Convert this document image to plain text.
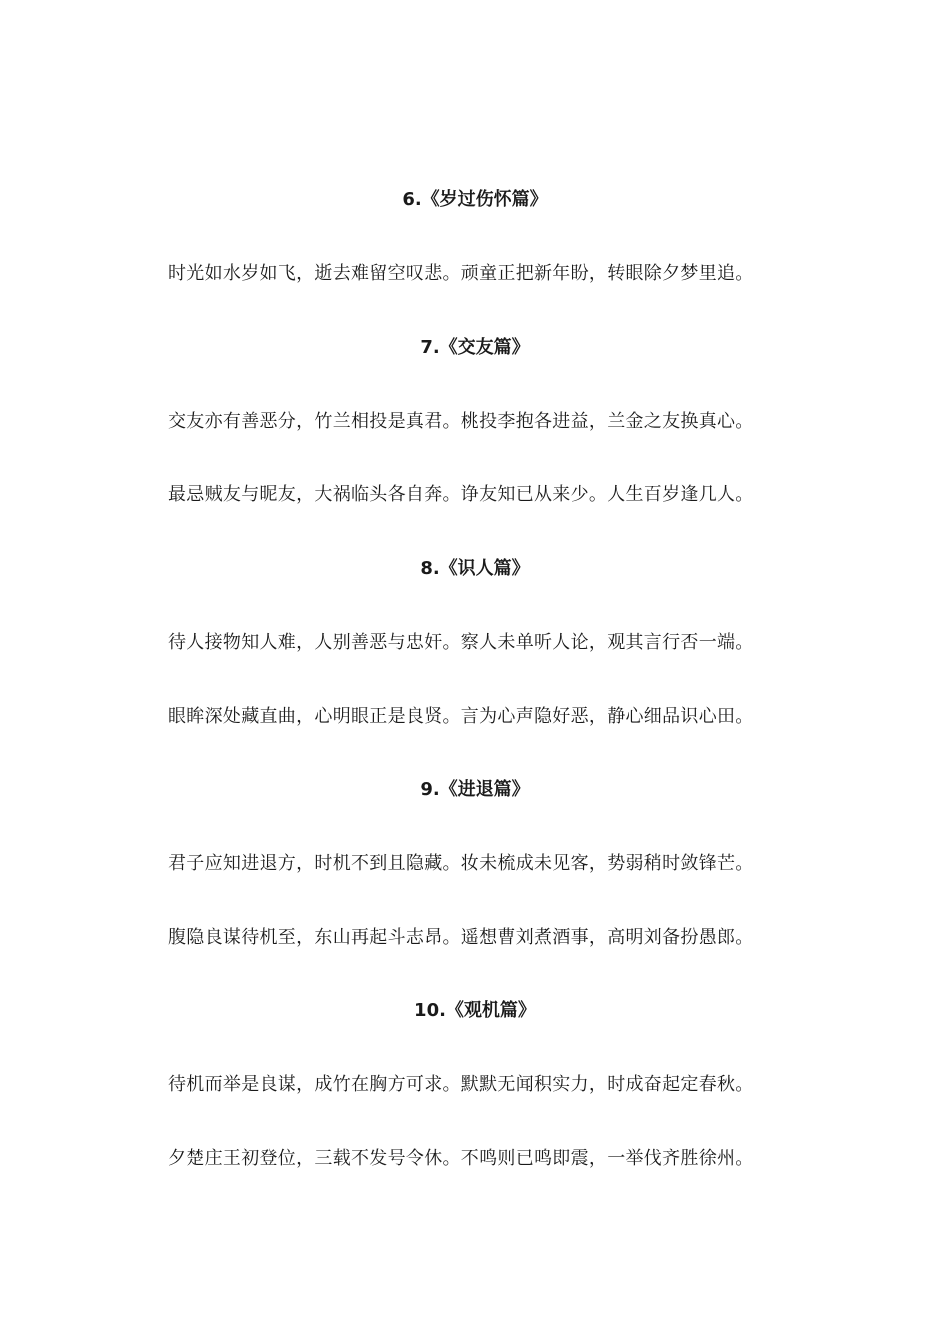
6.《岁过伤怀篇》
时光如水岁如飞，逝去难留空叹悲。顽童正把新年盼，转眼除夕梦里追。
7.《交友篇》
交友亦有善恶分，竹兰相投是真君。桃投李抱各进益，兰金之友换真心。
最忌贼友与昵友，大祸临头各自奔。诤友知已从来少。人生百岁逢几人。
8.《识人篇》
待人接物知人难，人别善恶与忠奸。察人未单听人论，观其言行否一端。
眼眸深处藏直曲，心明眼正是良贤。言为心声隐好恶，静心细品识心田。
9.《进退篇》
君子应知进退方，时机不到且隐藏。妆未梳成未见客，势弱稍时敛锋芒。
腹隐良谋待机至，东山再起斗志昂。遥想曹刘煮酒事，高明刘备扮愚郎。
10.《观机篇》
待机而举是良谋，成竹在胸方可求。默默无闻积实力，时成奋起定春秋。
夕楚庄王初登位，三载不发号令休。不鸣则已鸣即震，一举伐齐胜徐州。
